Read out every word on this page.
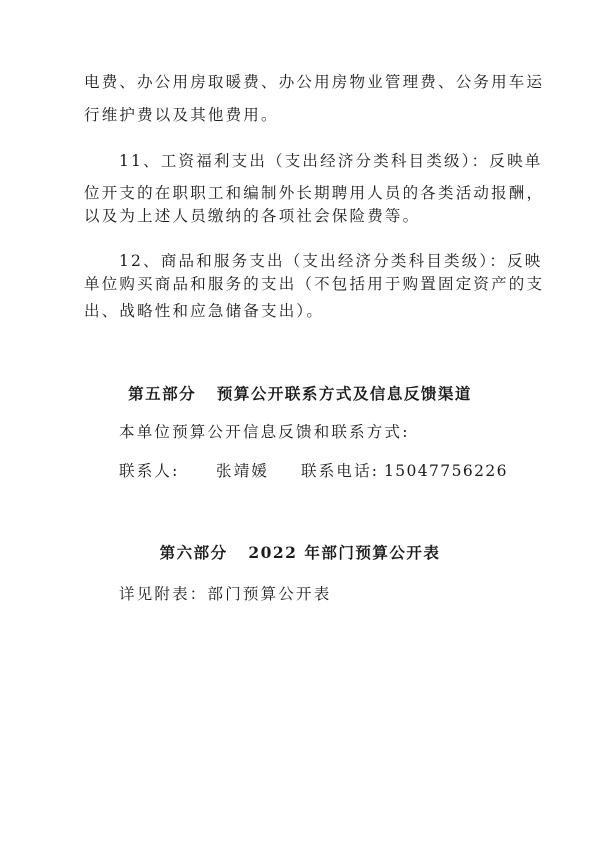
电费、办公用房取暖费、办公用房物业管理费、公务用车运
行维护费以及其他费用。
11、工资福利支出（支出经济分类科目类级）：反映单
位开支的在职职工和编制外长期聘用人员的各类活动报酬，
以及为上述人员缴纳的各项社会保险费等。
12、商品和服务支出（支出经济分类科目类级）：反映
单位购买商品和服务的支出（不包括用于购置固定资产的支
出、战略性和应急储备支出）。
第五部分   预算公开联系方式及信息反馈渠道
本单位预算公开信息反馈和联系方式:
联系人: 张靖媛 联系电话: 15047756226
第六部分   2022 年部门预算公开表
详见附表：部门预算公开表
